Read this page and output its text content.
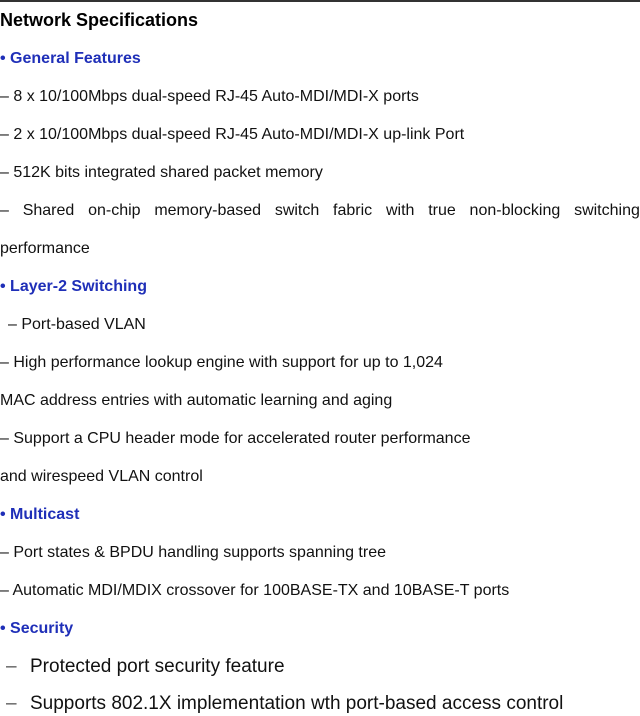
Network Specifications
• General Features
– 8 x 10/100Mbps dual-speed RJ-45 Auto-MDI/MDI-X ports
– 2 x 10/100Mbps dual-speed RJ-45 Auto-MDI/MDI-X up-link Port
– 512K bits integrated shared packet memory
– Shared on-chip memory-based switch fabric with true non-blocking switching
performance
• Layer-2 Switching
– Port-based VLAN
– High performance lookup engine with support for up to 1,024
MAC address entries with automatic learning and aging
– Support a CPU header mode for accelerated router performance
and wirespeed VLAN control
• Multicast
– Port states & BPDU handling supports spanning tree
– Automatic MDI/MDIX crossover for 100BASE-TX and 10BASE-T ports
• Security
– Protected port security feature
– Supports 802.1X implementation wth port-based access control
